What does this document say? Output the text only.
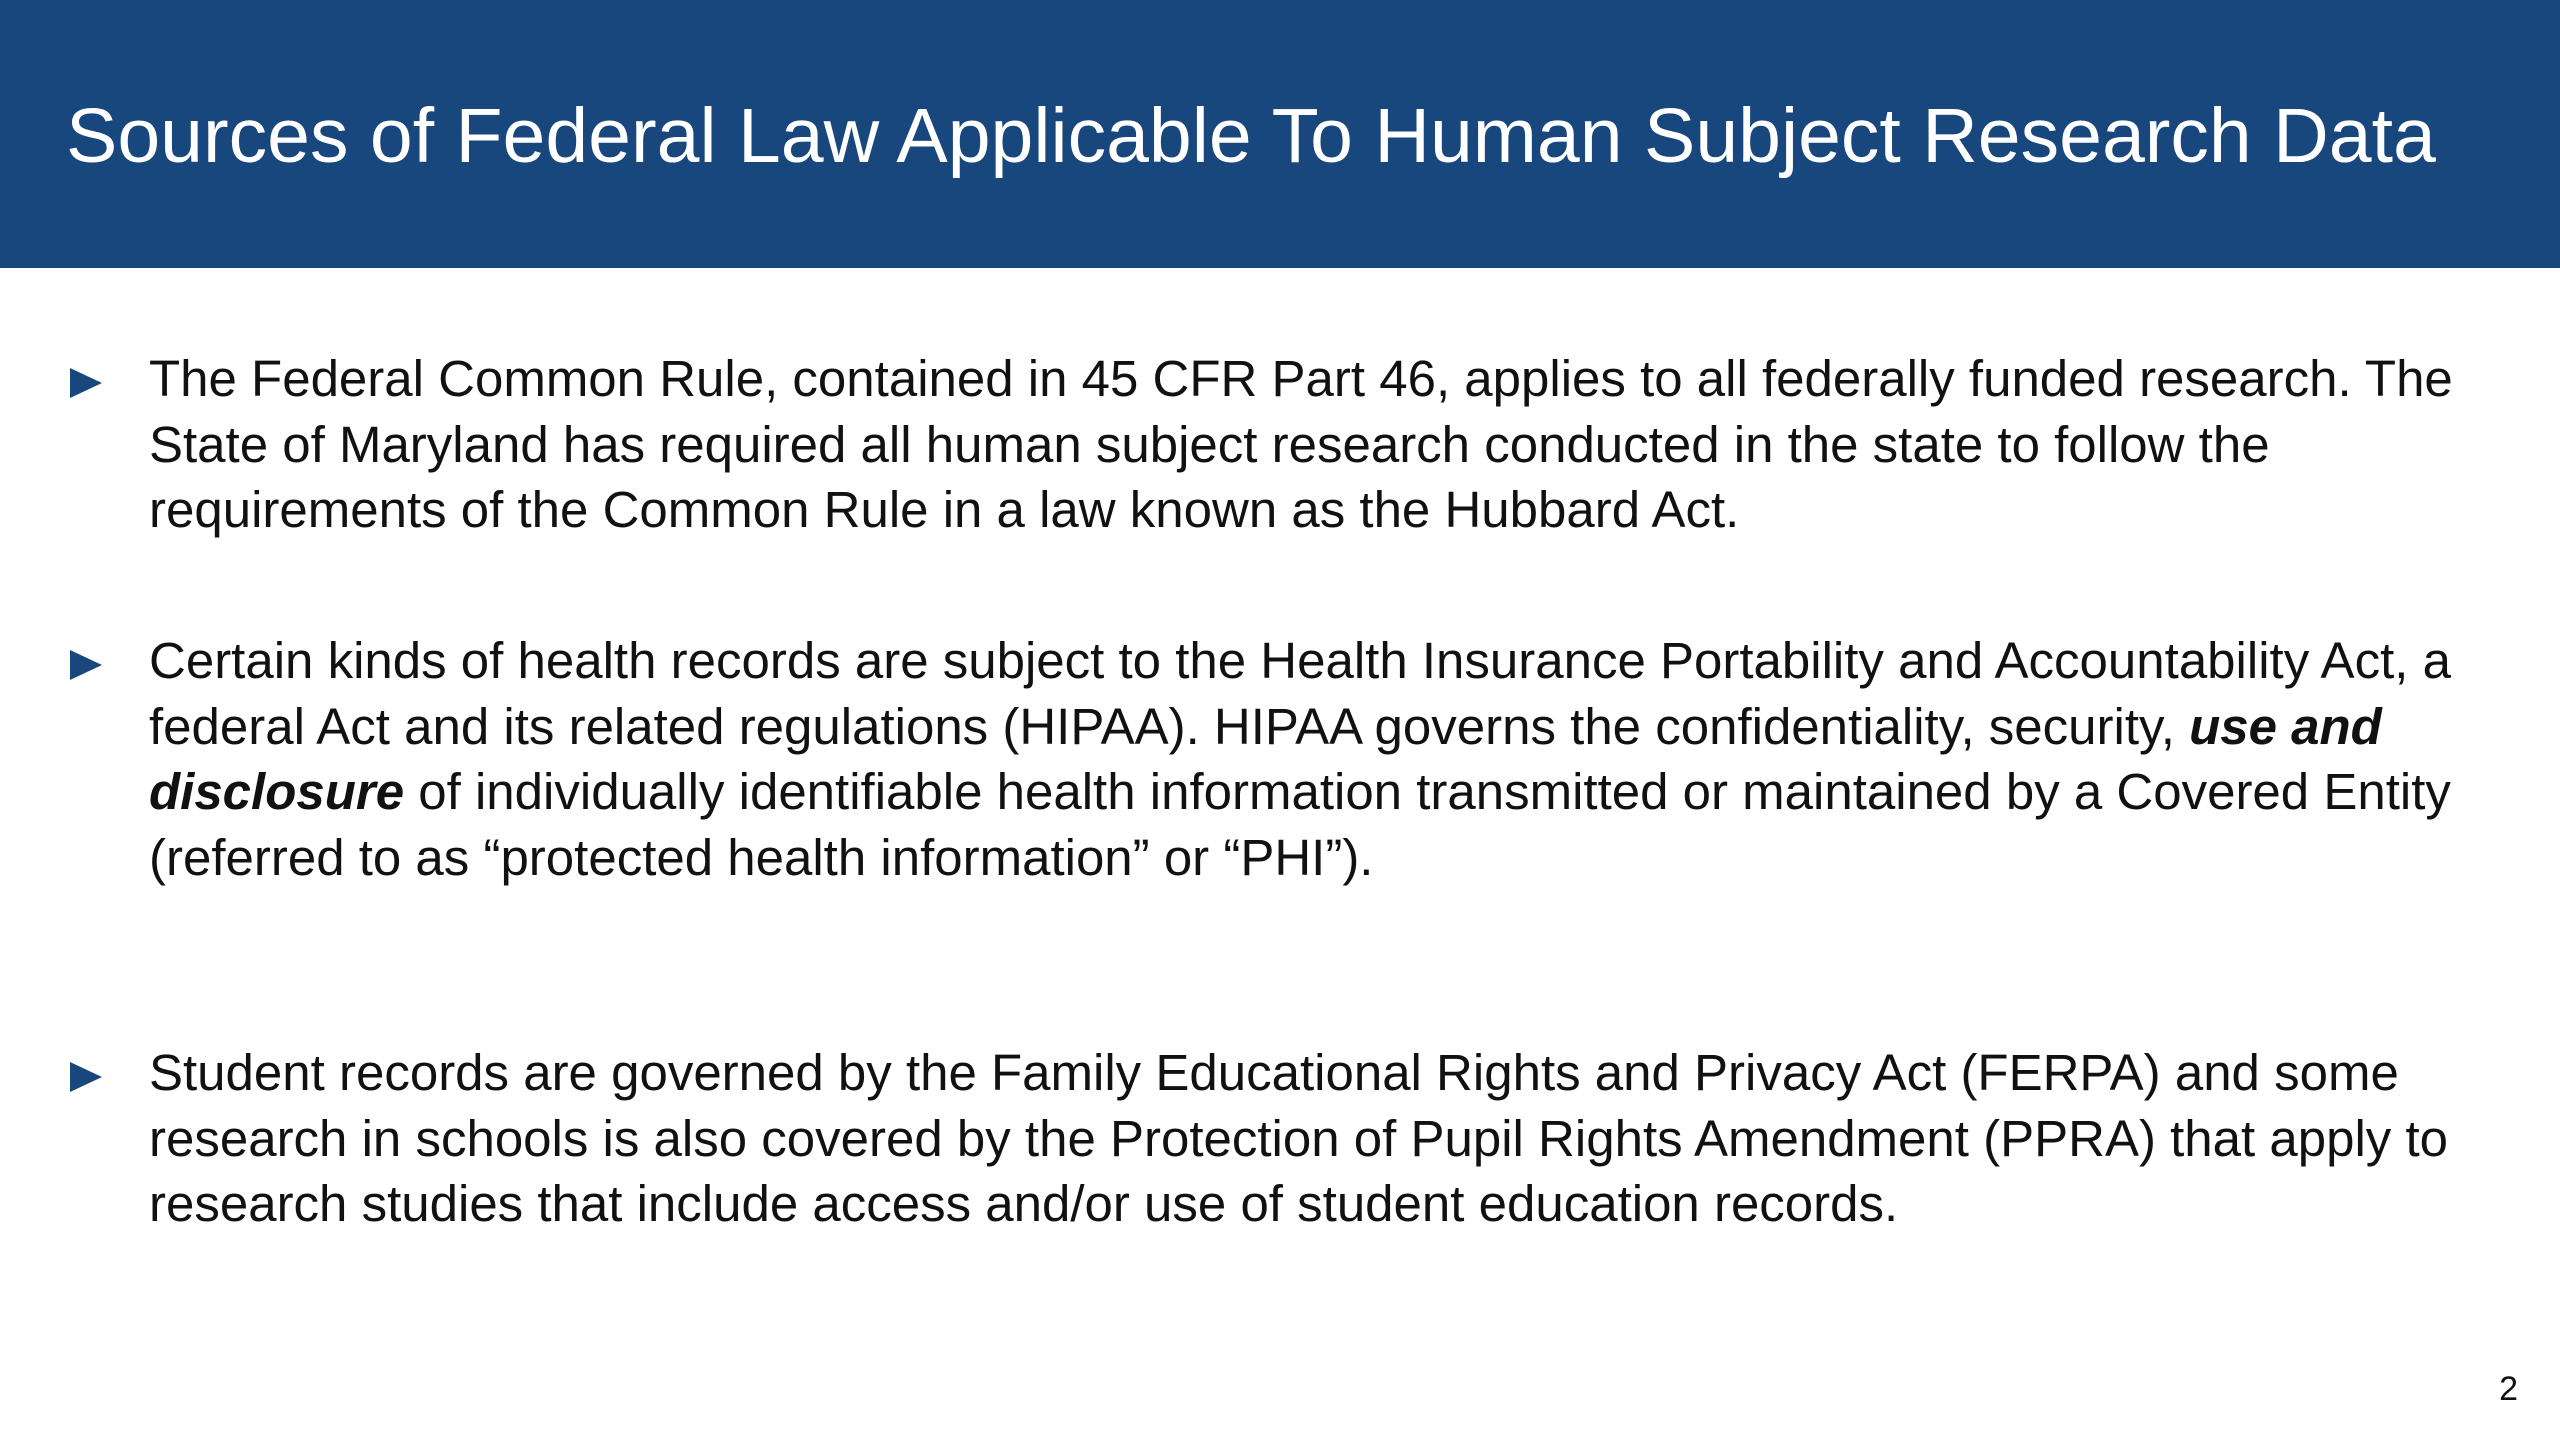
Sources of Federal Law Applicable To Human Subject Research Data

The Federal Common Rule, contained in 45 CFR Part 46, applies to all federally funded research. The State of Maryland has required all human subject research conducted in the state to follow the requirements of the Common Rule in a law known as the Hubbard Act.

Certain kinds of health records are subject to the Health Insurance Portability and Accountability Act, a federal Act and its related regulations (HIPAA). HIPAA governs the confidentiality, security, use and disclosure of individually identifiable health information transmitted or maintained by a Covered Entity (referred to as “protected health information” or “PHI”).

Student records are governed by the Family Educational Rights and Privacy Act (FERPA) and some research in schools is also covered by the Protection of Pupil Rights Amendment (PPRA) that apply to research studies that include access and/or use of student education records.

2
